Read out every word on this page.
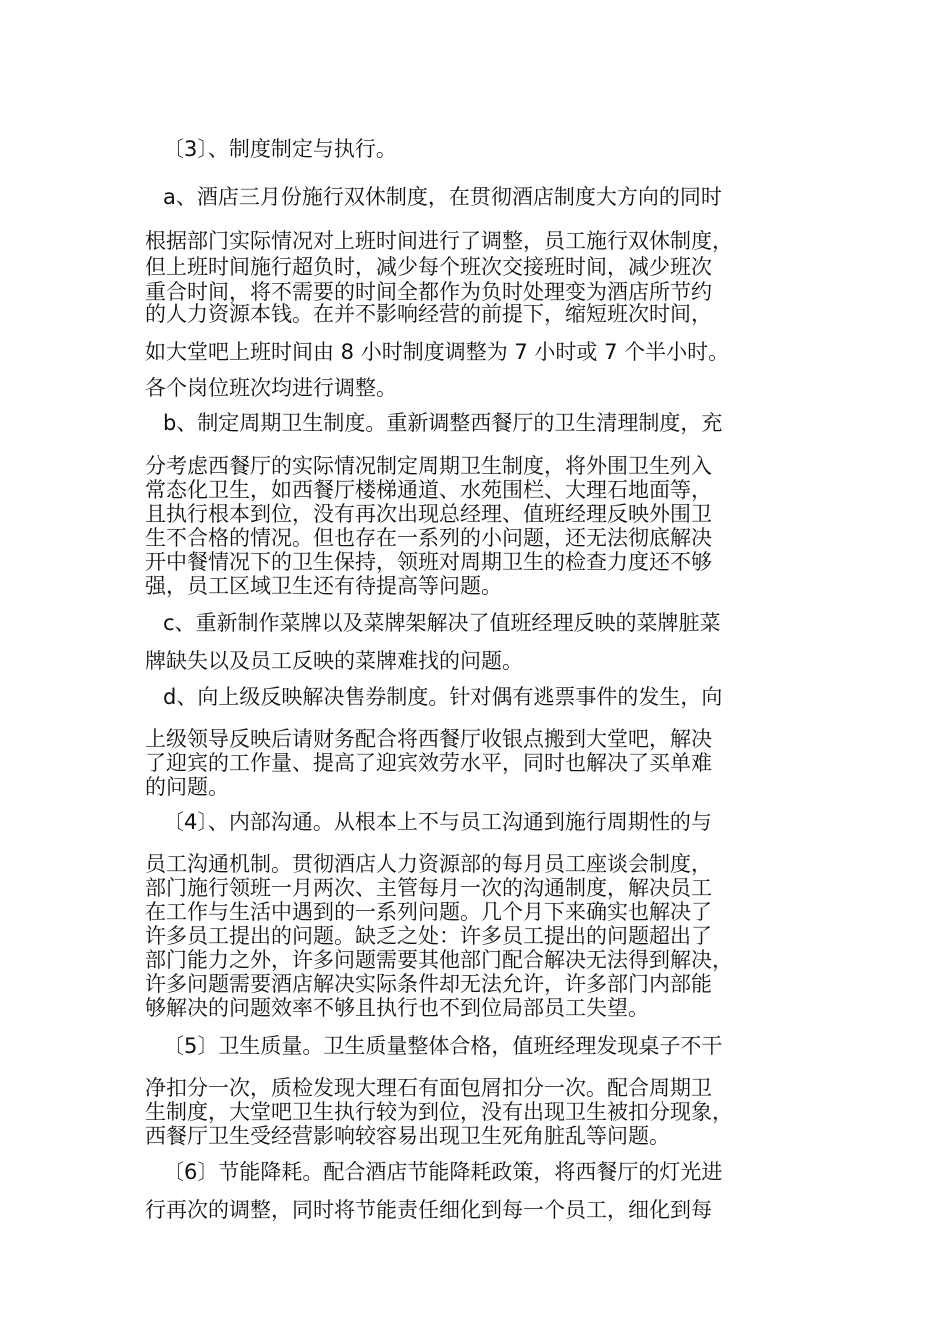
〔3〕、制度制定与执行。
a、酒店三月份施行双休制度，在贯彻酒店制度大方向的同时
根据部门实际情况对上班时间进行了调整，员工施行双休制度，
但上班时间施行超负时，减少每个班次交接班时间，减少班次
重合时间，将不需要的时间全都作为负时处理变为酒店所节约
的人力资源本钱。在并不影响经营的前提下，缩短班次时间，
如大堂吧上班时间由 8 小时制度调整为 7 小时或 7 个半小时。
各个岗位班次均进行调整。
b、制定周期卫生制度。重新调整西餐厅的卫生清理制度，充
分考虑西餐厅的实际情况制定周期卫生制度，将外围卫生列入
常态化卫生，如西餐厅楼梯通道、水苑围栏、大理石地面等，
且执行根本到位，没有再次出现总经理、值班经理反映外围卫
生不合格的情况。但也存在一系列的小问题，还无法彻底解决
开中餐情况下的卫生保持，领班对周期卫生的检查力度还不够
强，员工区域卫生还有待提高等问题。
c、重新制作菜牌以及菜牌架解决了值班经理反映的菜牌脏菜
牌缺失以及员工反映的菜牌难找的问题。
d、向上级反映解决售券制度。针对偶有逃票事件的发生，向
上级领导反映后请财务配合将西餐厅收银点搬到大堂吧，解决
了迎宾的工作量、提高了迎宾效劳水平，同时也解决了买单难
的问题。
〔4〕、内部沟通。从根本上不与员工沟通到施行周期性的与
员工沟通机制。贯彻酒店人力资源部的每月员工座谈会制度，
部门施行领班一月两次、主管每月一次的沟通制度，解决员工
在工作与生活中遇到的一系列问题。几个月下来确实也解决了
许多员工提出的问题。缺乏之处：许多员工提出的问题超出了
部门能力之外，许多问题需要其他部门配合解决无法得到解决，
许多问题需要酒店解决实际条件却无法允许，许多部门内部能
够解决的问题效率不够且执行也不到位局部员工失望。
〔5〕卫生质量。卫生质量整体合格，值班经理发现桌子不干
净扣分一次，质检发现大理石有面包屑扣分一次。配合周期卫
生制度，大堂吧卫生执行较为到位，没有出现卫生被扣分现象，
西餐厅卫生受经营影响较容易出现卫生死角脏乱等问题。
〔6〕节能降耗。配合酒店节能降耗政策，将西餐厅的灯光进
行再次的调整，同时将节能责任细化到每一个员工，细化到每
